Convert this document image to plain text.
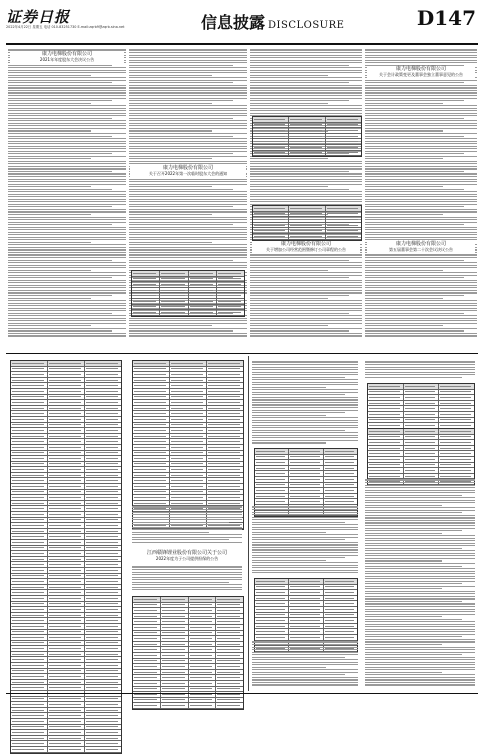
证券日报
2022年4月22日 星期五 电话 010-83251730 E-mail:zqrb9@zqrb.sina.net	信息披露 DISCLOSURE	D147
康力电梯股份有限公司
2021年年度股东大会决议公告
康力电梯股份有限公司
关于召开2022年第一次临时股东大会的通知
康力电梯股份有限公司
关于会计政策变更及董事会独立董事意见的公告
康力电梯股份有限公司
关于增加公司经营范围暨修订公司章程的公告
康力电梯股份有限公司
第五届董事会第二十次会议决议公告
江西赣锋锂业股份有限公司关于公司
2022年度为子公司提供担保的公告
